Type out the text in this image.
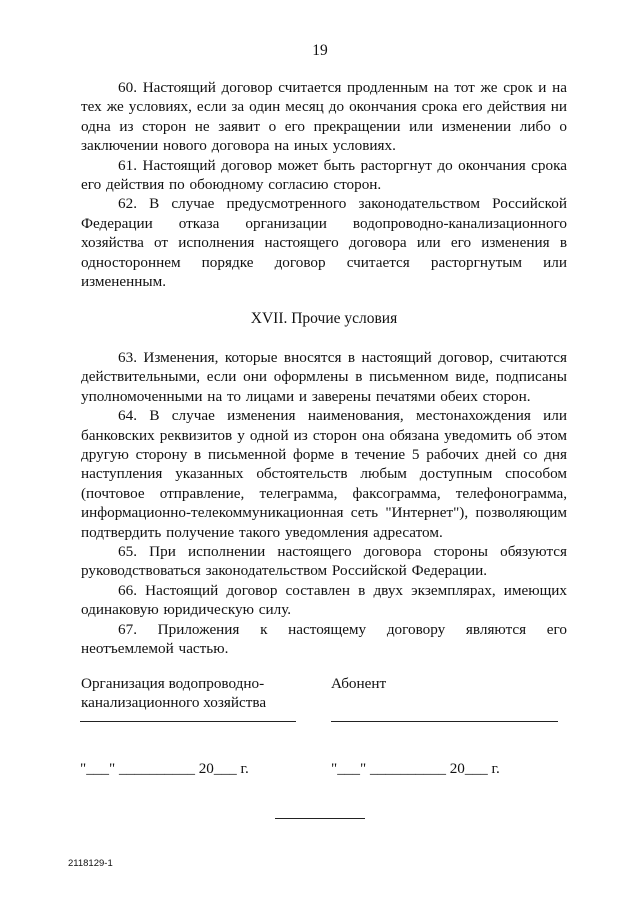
19

60. Настоящий договор считается продленным на тот же срок и на тех же условиях, если за один месяц до окончания срока его действия ни одна из сторон не заявит о его прекращении или изменении либо о заключении нового договора на иных условиях.

61. Настоящий договор может быть расторгнут до окончания срока его действия по обоюдному согласию сторон.

62. В случае предусмотренного законодательством Российской Федерации отказа организации водопроводно-канализационного хозяйства от исполнения настоящего договора или его изменения в одностороннем порядке договор считается расторгнутым или измененным.

XVII. Прочие условия

63. Изменения, которые вносятся в настоящий договор, считаются действительными, если они оформлены в письменном виде, подписаны уполномоченными на то лицами и заверены печатями обеих сторон.

64. В случае изменения наименования, местонахождения или банковских реквизитов у одной из сторон она обязана уведомить об этом другую сторону в письменной форме в течение 5 рабочих дней со дня наступления указанных обстоятельств любым доступным способом (почтовое отправление, телеграмма, факсограмма, телефонограмма, информационно-телекоммуникационная сеть "Интернет"), позволяющим подтвердить получение такого уведомления адресатом.

65. При исполнении настоящего договора стороны обязуются руководствоваться законодательством Российской Федерации.

66. Настоящий договор составлен в двух экземплярах, имеющих одинаковую юридическую силу.

67. Приложения к настоящему договору являются его неотъемлемой частью.

Организация водопроводно-
канализационного хозяйства
Абонент
"___" __________ 20___ г.	"___" __________ 20___ г.
2118129-1
